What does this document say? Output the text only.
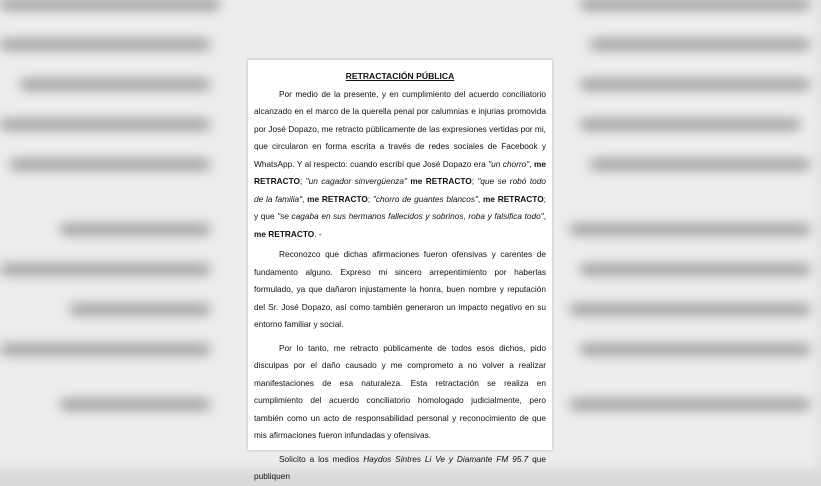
RETRACTACIÓN PÚBLICA

Por medio de la presente, y en cumplimiento del acuerdo conciliatorio alcanzado en el marco de la querella penal por calumnias e injurias promovida por José Dopazo, me retracto públicamente de las expresiones vertidas por mi, que circularon en forma escrita a través de redes sociales de Facebook y WhatsApp. Y al respecto: cuando escribí que José Dopazo era "un chorro", me RETRACTO; "un cagador sinvergüenza" me RETRACTO; "que se robó todo de la familia", me RETRACTO; "chorro de guantes blancos", me RETRACTO; y que "se cagaba en sus hermanos fallecidos y sobrinos, roba y falsifica todo", me RETRACTO. -

Reconozco que dichas afirmaciones fueron ofensivas y carentes de fundamento alguno. Expreso mi sincero arrepentimiento por haberlas formulado, ya que dañaron injustamente la honra, buen nombre y reputación del Sr. José Dopazo, así como también generaron un impacto negativo en su entorno familiar y social.

Por lo tanto, me retracto públicamente de todos esos dichos, pido disculpas por el daño causado y me comprometo a no volver a realizar manifestaciones de esa naturaleza. Esta retractación se realiza en cumplimiento del acuerdo conciliatorio homologado judicialmente, pero también como un acto de responsabilidad personal y reconocimiento de que mis afirmaciones fueron infundadas y ofensivas.

Solicito a los medios Haydos Sintres Li Ve y Diamante FM 95.7 que publiquen
